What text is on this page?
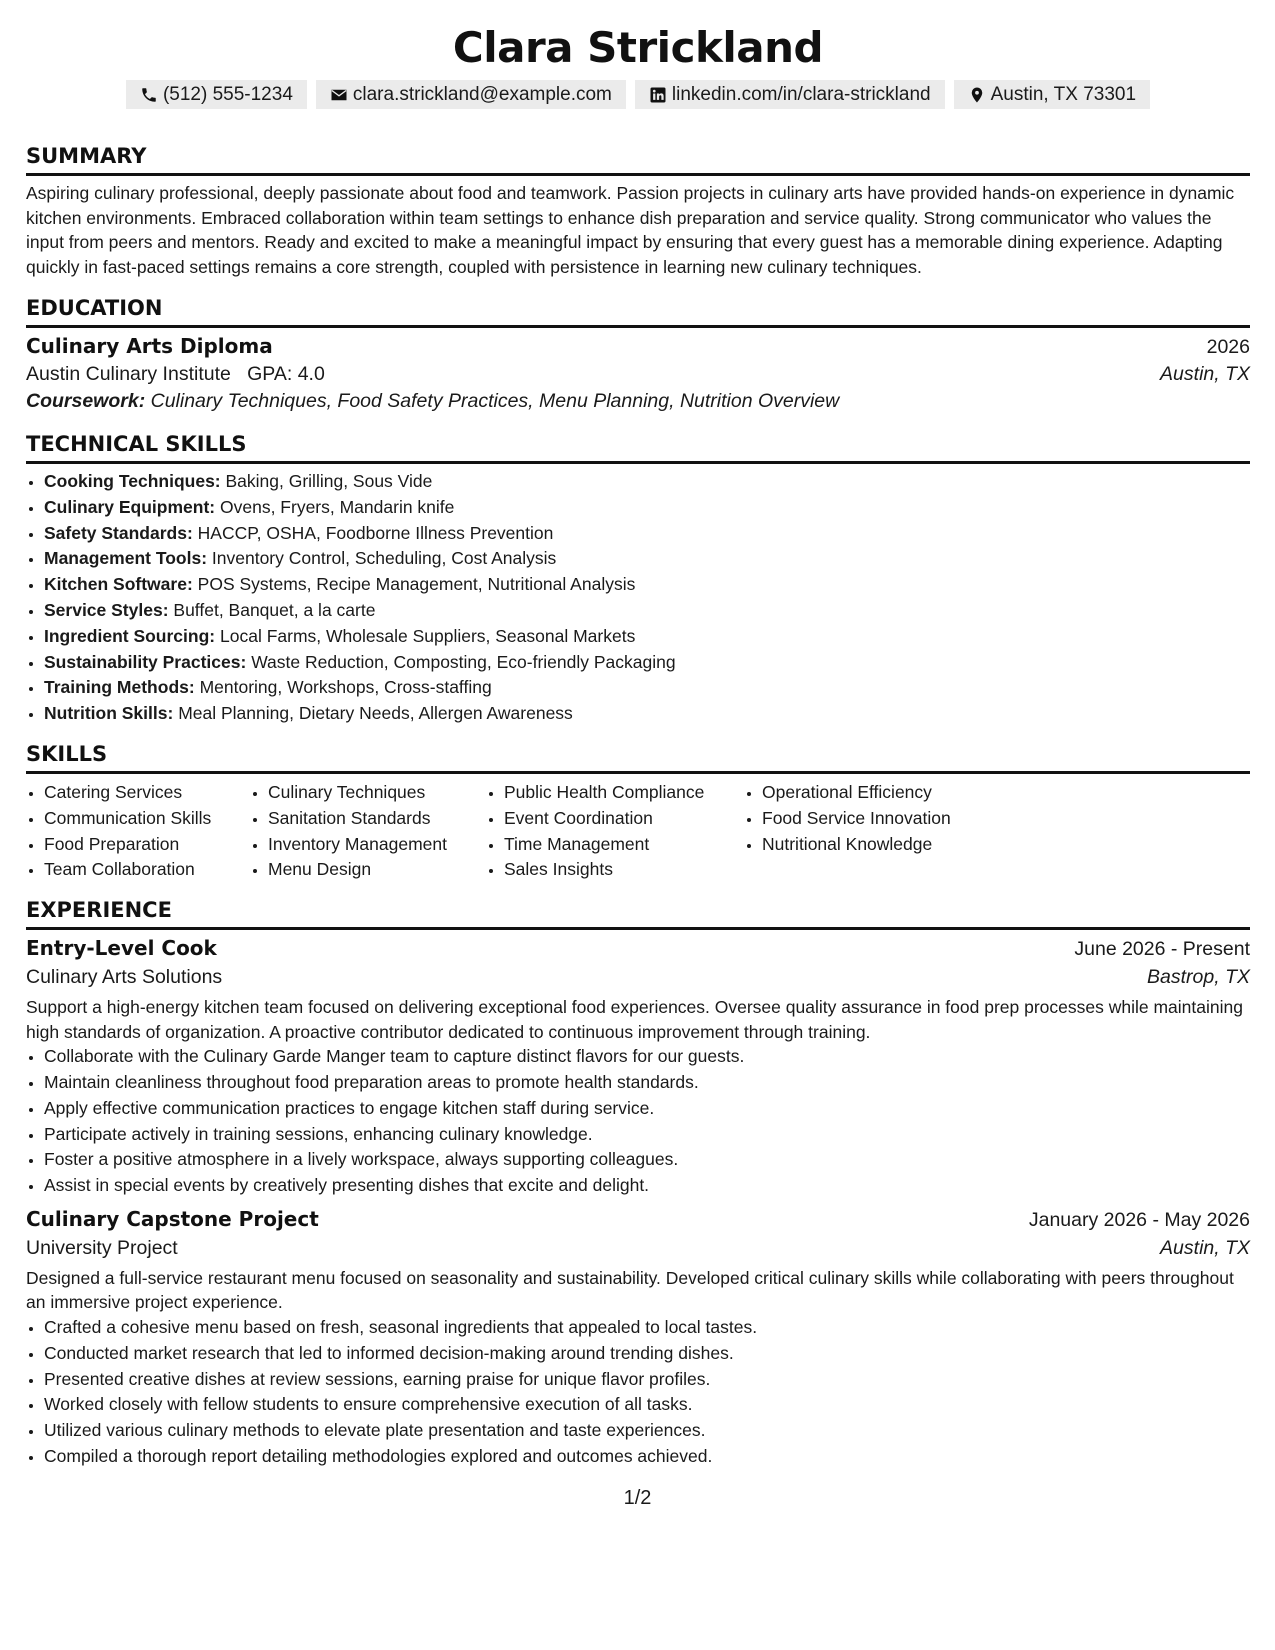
Clara Strickland
(512) 555-1234	clara.strickland@example.com	linkedin.com/in/clara-strickland	Austin, TX 73301
SUMMARY

Aspiring culinary professional, deeply passionate about food and teamwork. Passion projects in culinary arts have provided hands-on experience in dynamic kitchen environments. Embraced collaboration within team settings to enhance dish preparation and service quality. Strong communicator who values the input from peers and mentors. Ready and excited to make a meaningful impact by ensuring that every guest has a memorable dining experience. Adapting quickly in fast-paced settings remains a core strength, coupled with persistence in learning new culinary techniques.

EDUCATION
Culinary Arts Diploma	2026
Austin Culinary Institute GPA: 4.0	Austin, TX
Coursework: Culinary Techniques, Food Safety Practices, Menu Planning, Nutrition Overview
TECHNICAL SKILLS
• Cooking Techniques: Baking, Grilling, Sous Vide
• Culinary Equipment: Ovens, Fryers, Mandarin knife
• Safety Standards: HACCP, OSHA, Foodborne Illness Prevention
• Management Tools: Inventory Control, Scheduling, Cost Analysis
• Kitchen Software: POS Systems, Recipe Management, Nutritional Analysis
• Service Styles: Buffet, Banquet, a la carte
• Ingredient Sourcing: Local Farms, Wholesale Suppliers, Seasonal Markets
• Sustainability Practices: Waste Reduction, Composting, Eco-friendly Packaging
• Training Methods: Mentoring, Workshops, Cross-staffing
• Nutrition Skills: Meal Planning, Dietary Needs, Allergen Awareness
SKILLS
• Catering Services
• Communication Skills
• Food Preparation
• Team Collaboration
• Culinary Techniques
• Sanitation Standards
• Inventory Management
• Menu Design
• Public Health Compliance
• Event Coordination
• Time Management
• Sales Insights
• Operational Efficiency
• Food Service Innovation
• Nutritional Knowledge
EXPERIENCE
Entry-Level Cook	June 2026 - Present
Culinary Arts Solutions	Bastrop, TX

Support a high-energy kitchen team focused on delivering exceptional food experiences. Oversee quality assurance in food prep processes while maintaining high standards of organization. A proactive contributor dedicated to continuous improvement through training.

• Collaborate with the Culinary Garde Manger team to capture distinct flavors for our guests.
• Maintain cleanliness throughout food preparation areas to promote health standards.
• Apply effective communication practices to engage kitchen staff during service.
• Participate actively in training sessions, enhancing culinary knowledge.
• Foster a positive atmosphere in a lively workspace, always supporting colleagues.
• Assist in special events by creatively presenting dishes that excite and delight.
Culinary Capstone Project	January 2026 - May 2026
University Project	Austin, TX

Designed a full-service restaurant menu focused on seasonality and sustainability. Developed critical culinary skills while collaborating with peers throughout an immersive project experience.

• Crafted a cohesive menu based on fresh, seasonal ingredients that appealed to local tastes.
• Conducted market research that led to informed decision-making around trending dishes.
• Presented creative dishes at review sessions, earning praise for unique flavor profiles.
• Worked closely with fellow students to ensure comprehensive execution of all tasks.
• Utilized various culinary methods to elevate plate presentation and taste experiences.
• Compiled a thorough report detailing methodologies explored and outcomes achieved.
1/2
